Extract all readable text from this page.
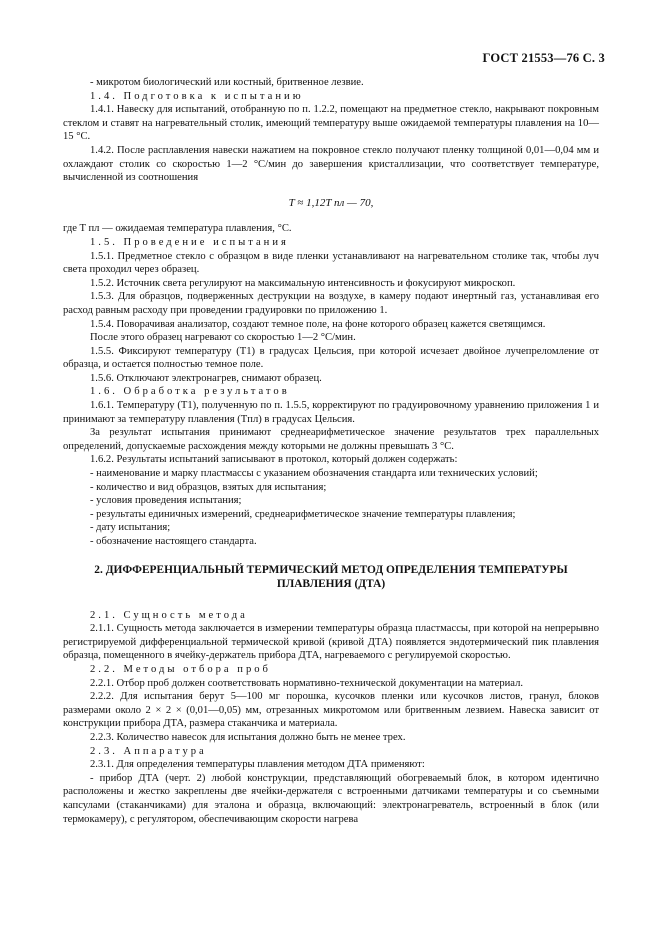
ГОСТ 21553—76 С. 3

- микротом биологический или костный, бритвенное лезвие.

1.4. Подготовка к испытанию

1.4.1. Навеску для испытаний, отобранную по п. 1.2.2, помещают на предметное стекло, накрывают покровным стеклом и ставят на нагревательный столик, имеющий температуру выше ожидаемой температуры плавления на 10—15 °С.

1.4.2. После расплавления навески нажатием на покровное стекло получают пленку толщиной 0,01—0,04 мм и охлаждают столик со скоростью 1—2 °С/мин до завершения кристаллизации, что соответствует температуре, вычисленной из соотношения

T ≈ 1,12T пл — 70,

где T пл — ожидаемая температура плавления, °С.

1.5. Проведение испытания

1.5.1. Предметное стекло с образцом в виде пленки устанавливают на нагревательном столике так, чтобы луч света проходил через образец.

1.5.2. Источник света регулируют на максимальную интенсивность и фокусируют микроскоп.

1.5.3. Для образцов, подверженных деструкции на воздухе, в камеру подают инертный газ, устанавливая его расход равным расходу при проведении градуировки по приложению 1.

1.5.4. Поворачивая анализатор, создают темное поле, на фоне которого образец кажется светящимся.

После этого образец нагревают со скоростью 1—2 °С/мин.

1.5.5. Фиксируют температуру (T1) в градусах Цельсия, при которой исчезает двойное лучепреломление от образца, и остается полностью темное поле.

1.5.6. Отключают электронагрев, снимают образец.

1.6. Обработка результатов

1.6.1. Температуру (T1), полученную по п. 1.5.5, корректируют по градуировочному уравнению приложения 1 и принимают за температуру плавления (Tпл) в градусах Цельсия.

За результат испытания принимают среднеарифметическое значение результатов трех параллельных определений, допускаемые расхождения между которыми не должны превышать 3 °С.

1.6.2. Результаты испытаний записывают в протокол, который должен содержать:

- наименование и марку пластмассы с указанием обозначения стандарта или технических условий;

- количество и вид образцов, взятых для испытания;

- условия проведения испытания;

- результаты единичных измерений, среднеарифметическое значение температуры плавления;

- дату испытания;

- обозначение настоящего стандарта.

2. ДИФФЕРЕНЦИАЛЬНЫЙ ТЕРМИЧЕСКИЙ МЕТОД ОПРЕДЕЛЕНИЯ ТЕМПЕРАТУРЫ ПЛАВЛЕНИЯ (ДТА)

2.1. Сущность метода

2.1.1. Сущность метода заключается в измерении температуры образца пластмассы, при которой на непрерывно регистрируемой дифференциальной термической кривой (кривой ДТА) появляется эндотермический пик плавления образца, помещенного в ячейку-держатель прибора ДТА, нагреваемого с регулируемой скоростью.

2.2. Методы отбора проб

2.2.1. Отбор проб должен соответствовать нормативно-технической документации на материал.

2.2.2. Для испытания берут 5—100 мг порошка, кусочков пленки или кусочков листов, гранул, блоков размерами около 2 × 2 × (0,01—0,05) мм, отрезанных микротомом или бритвенным лезвием. Навеска зависит от конструкции прибора ДТА, размера стаканчика и материала.

2.2.3. Количество навесок для испытания должно быть не менее трех.

2.3. Аппаратура

2.3.1. Для определения температуры плавления методом ДТА применяют:

- прибор ДТА (черт. 2) любой конструкции, представляющий обогреваемый блок, в котором идентично расположены и жестко закреплены две ячейки-держателя с встроенными датчиками температуры и со съемными капсулами (стаканчиками) для эталона и образца, включающий: электронагреватель, встроенный в блок (или термокамеру), с регулятором, обеспечивающим скорости нагрева
